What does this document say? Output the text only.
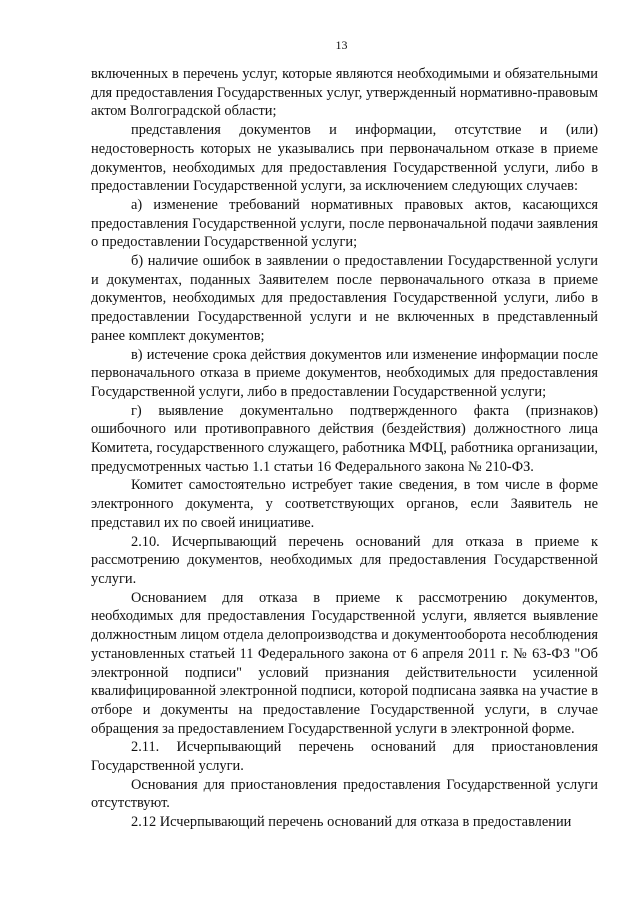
13

включенных в перечень услуг, которые являются необходимыми и обязательными для предоставления Государственных услуг, утвержденный нормативно-правовым актом Волгоградской области;

представления документов и информации, отсутствие и (или) недостоверность которых не указывались при первоначальном отказе в приеме документов, необходимых для предоставления Государственной услуги, либо в предоставлении Государственной услуги, за исключением следующих случаев:

а) изменение требований нормативных правовых актов, касающихся предоставления Государственной услуги, после первоначальной подачи заявления о предоставлении Государственной услуги;

б) наличие ошибок в заявлении о предоставлении Государственной услуги и документах, поданных Заявителем после первоначального отказа в приеме документов, необходимых для предоставления Государственной услуги, либо в предоставлении Государственной услуги и не включенных в представленный ранее комплект документов;

в) истечение срока действия документов или изменение информации после первоначального отказа в приеме документов, необходимых для предоставления Государственной услуги, либо в предоставлении Государственной услуги;

г) выявление документально подтвержденного факта (признаков) ошибочного или противоправного действия (бездействия) должностного лица Комитета, государственного служащего, работника МФЦ, работника организации, предусмотренных частью 1.1 статьи 16 Федерального закона № 210-ФЗ.

Комитет самостоятельно истребует такие сведения, в том числе в форме электронного документа, у соответствующих органов, если Заявитель не представил их по своей инициативе.

2.10. Исчерпывающий перечень оснований для отказа в приеме к рассмотрению документов, необходимых для предоставления Государственной услуги.

Основанием для отказа в приеме к рассмотрению документов, необходимых для предоставления Государственной услуги, является выявление должностным лицом отдела делопроизводства и документооборота несоблюдения установленных статьей 11 Федерального закона от 6 апреля 2011 г. № 63-ФЗ "Об электронной подписи" условий признания действительности усиленной квалифицированной электронной подписи, которой подписана заявка на участие в отборе и документы на предоставление Государственной услуги, в случае обращения за предоставлением Государственной услуги в электронной форме.

2.11. Исчерпывающий перечень оснований для приостановления Государственной услуги.

Основания для приостановления предоставления Государственной услуги отсутствуют.

2.12 Исчерпывающий перечень оснований для отказа в предоставлении
